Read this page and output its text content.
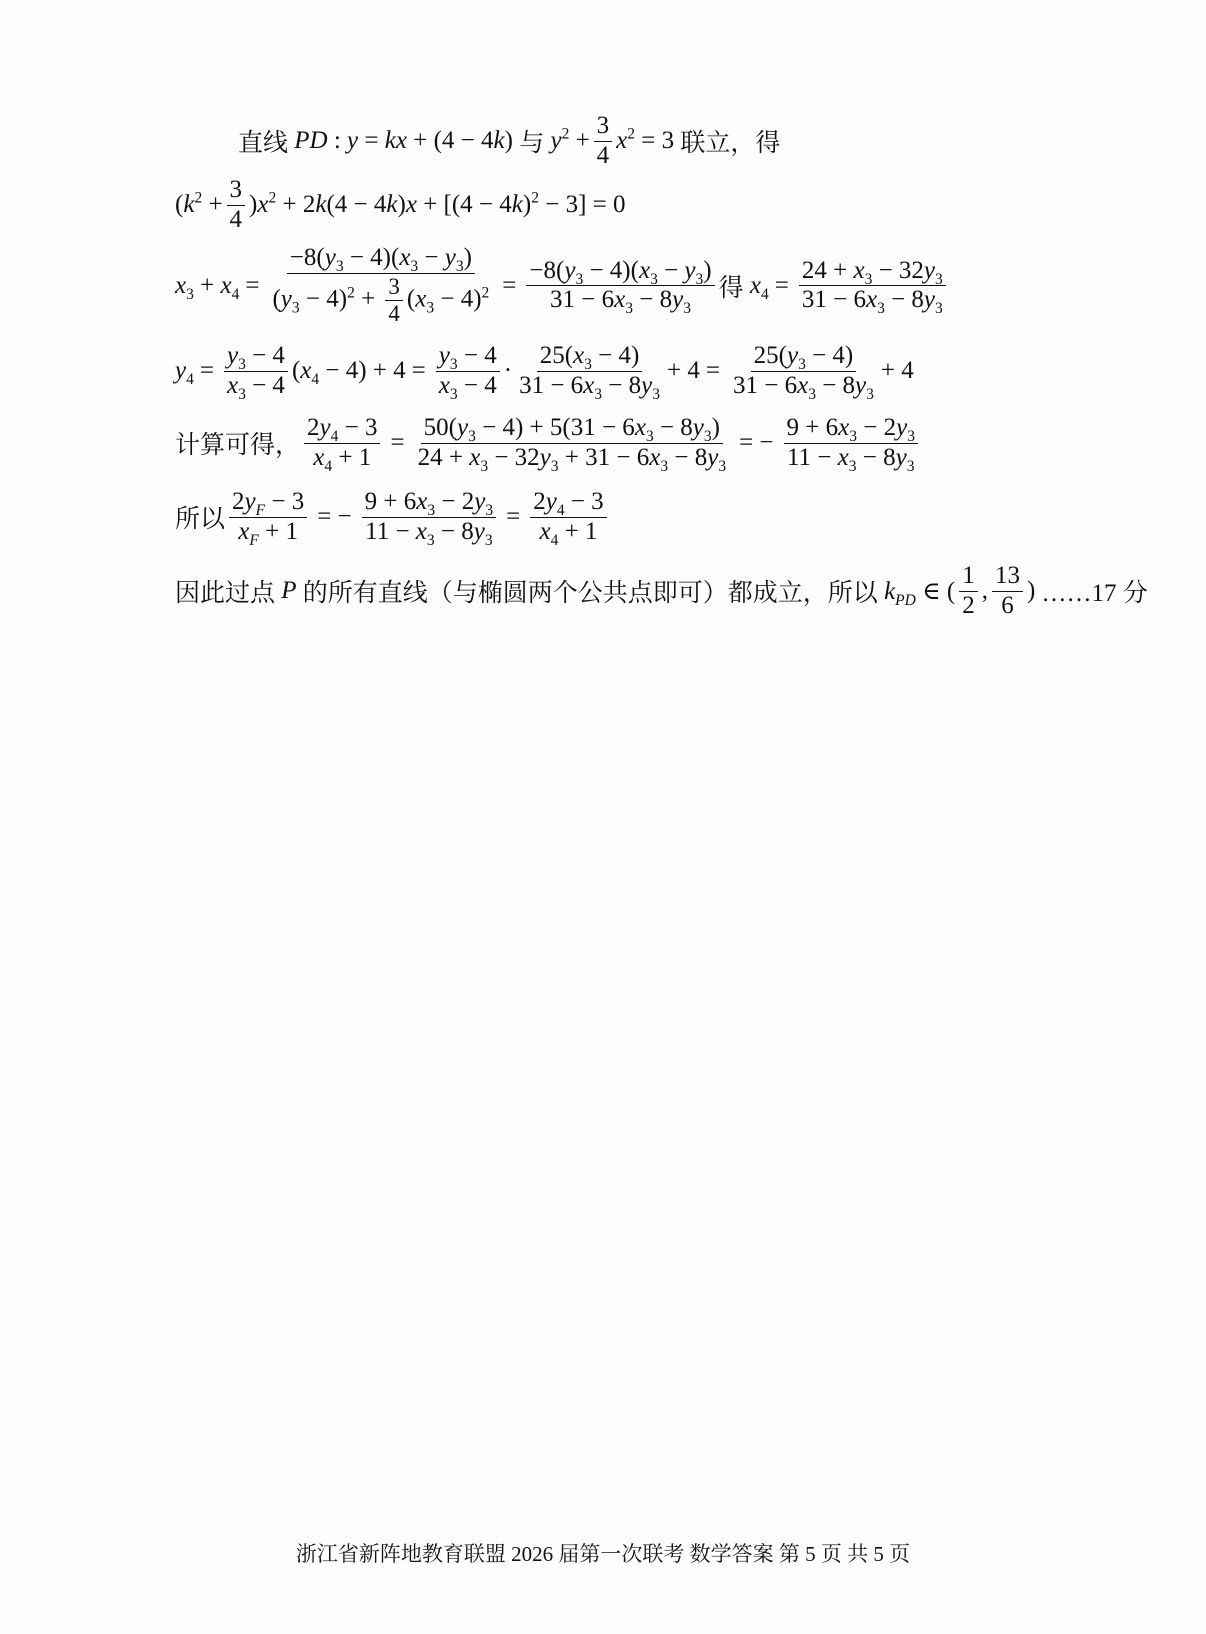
直线 PD : y = kx + (4 − 4k) 与 $y^2 + \frac{3}{4} x^2 = 3$ 联立，得
$(k^2 + \frac{3}{4} )x^2 + 2k(4 - 4k)x + [(4 - 4k)^2 - 3] = 0$
$x_3 + x_4 = \frac{-8(y_3 - 4)(x_3 - y_3)}{(y_3 - 4)^2 + \frac{3}{4} (x_3 - 4)^2} = \frac{-8(y_3 - 4)(x_3 - y_3)}{31 - 6x_3 - 8y_3}$ 得 $x_4 = \frac{24 + x_3 - 32y_3}{31 - 6x_3 - 8y_3}$
$y_4 = \frac{y_3 - 4}{x_3 - 4} (x_4 - 4) + 4 = \frac{y_3 - 4}{x_3 - 4} \cdot \frac{25(x_3 - 4)}{31 - 6x_3 - 8y_3} + 4 = \frac{25(y_3 - 4)}{31 - 6x_3 - 8y_3} + 4$
计算可得， $\frac{2y_4 - 3}{x_4 + 1} = \frac{50(y_3 - 4) + 5(31 - 6x_3 - 8y_3)}{24 + x_3 - 32y_3 + 31 - 6x_3 - 8y_3}$ = − $\frac{9 + 6x_3 - 2y_3}{11 - x_3 - 8y_3}$
所以 $\frac{2y_F - 3}{x_F + 1}$ = − $\frac{9 + 6x_3 - 2y_3}{11 - x_3 - 8y_3} = \frac{2y_4 - 3}{x_4 + 1}$
因此过点 P 的所有直线（与椭圆两个公共点即可）都成立，所以 $k_{PD}$ ∈ ( $\frac{1}{2}$ , $\frac{13}{6}$ ) ……17 分
浙江省新阵地教育联盟 2026 届第一次联考 数学答案 第 5 页 共 5 页
